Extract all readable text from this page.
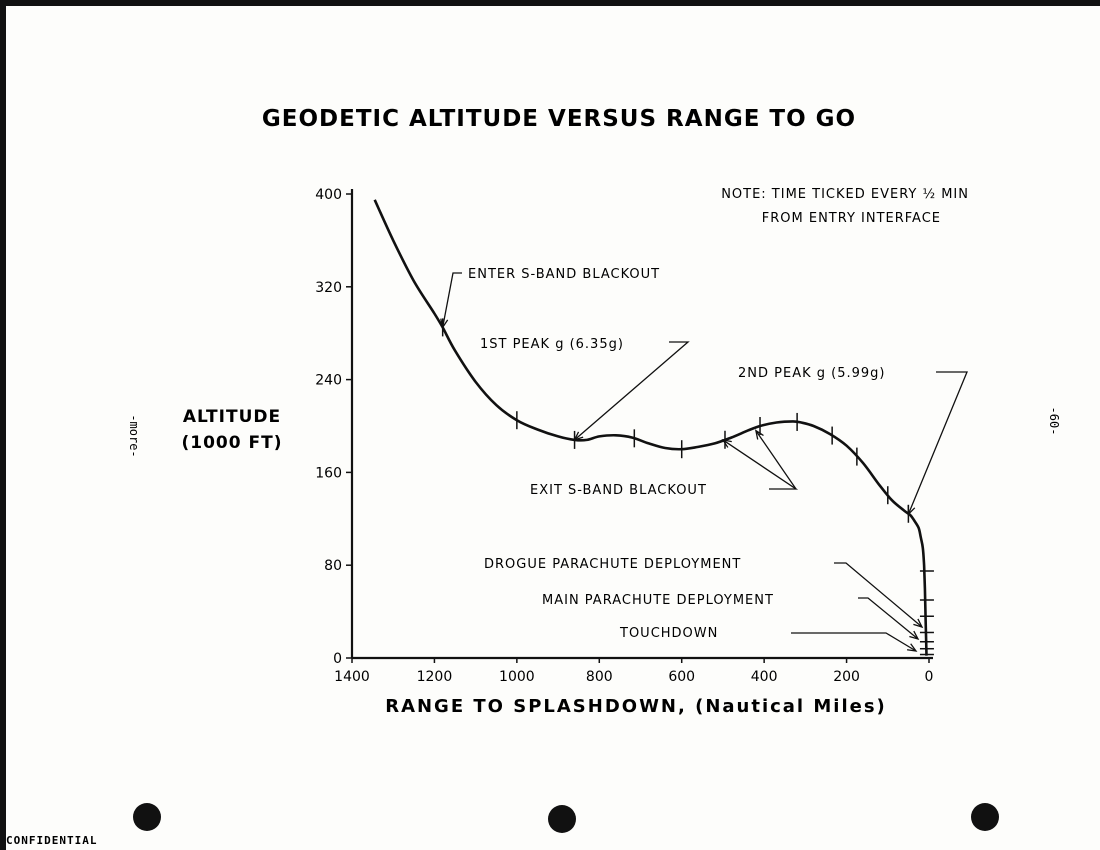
GEODETIC ALTITUDE VERSUS RANGE TO GO
ALTITUDE
(1000 FT)
RANGE TO SPLASHDOWN, (Nautical Miles)
NOTE: TIME TICKED EVERY ½ MIN
FROM ENTRY INTERFACE
0
80
160
240
320
400
1400	1200	1000	800	600	400	200	0
ENTER S-BAND BLACKOUT
1ST PEAK g (6.35g)
2ND PEAK g (5.99g)
EXIT S-BAND BLACKOUT
DROGUE PARACHUTE DEPLOYMENT
MAIN PARACHUTE DEPLOYMENT
TOUCHDOWN
-more-	-60-
CONFIDENTIAL
